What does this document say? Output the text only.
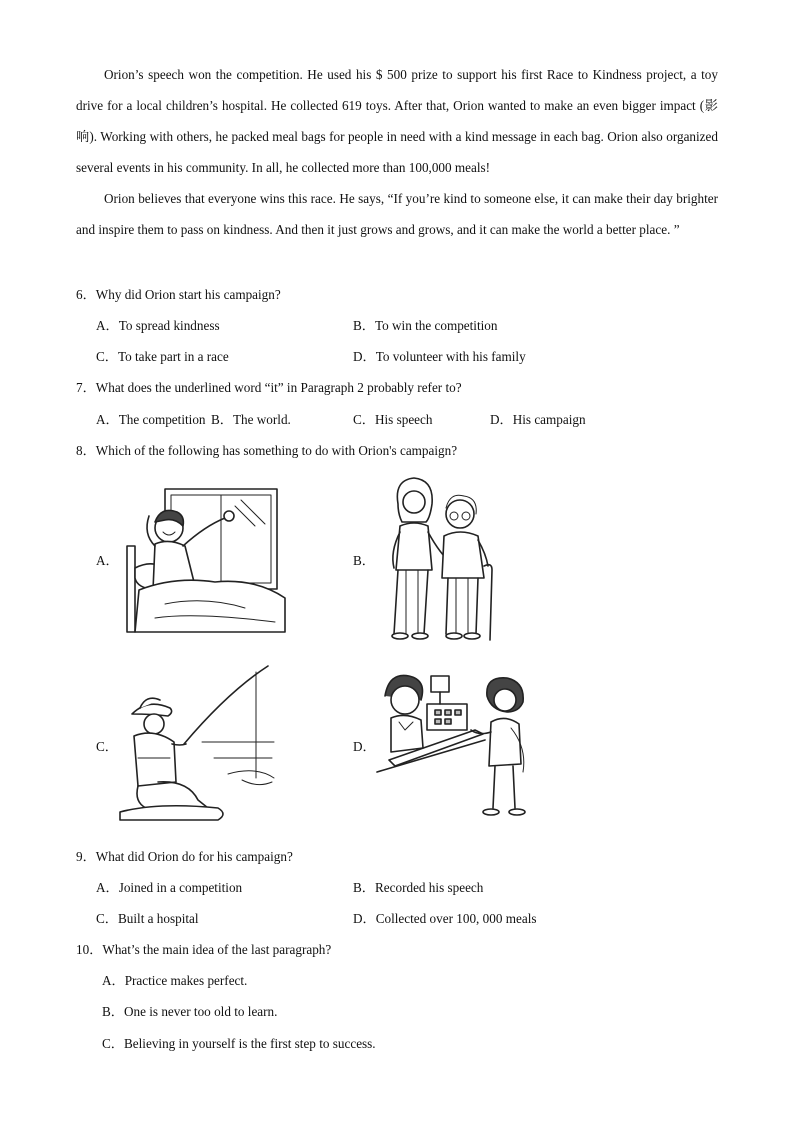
Orion’s speech won the competition. He used his $ 500 prize to support his first Race to Kindness project, a toy drive for a local children’s hospital. He collected 619 toys. After that, Orion wanted to make an even bigger impact (影响). Working with others, he packed meal bags for people in need with a kind message in each bag. Orion also organized several events in his community. In all, he collected more than 100,000 meals!

Orion believes that everyone wins this race. He says, “If you’re kind to someone else, it can make their day brighter and inspire them to pass on kindness. And then it just grows and grows, and it can make the world a better place. ”

6．Why did Orion start his campaign?
A．To spread kindness	B．To win the competition
C．To take part in a race	D．To volunteer with his family
7．What does the underlined word “it” in Paragraph 2 probably refer to?
A．The competition B．The world.	C．His speech	D．His campaign
8．Which of the following has something to do with Orion's campaign?
A．	B．
C．	D．
9．What did Orion do for his campaign?
A．Joined in a competition	B．Recorded his speech
C．Built a hospital	D．Collected over 100, 000 meals
10．What’s the main idea of the last paragraph?
A．Practice makes perfect.
B．One is never too old to learn.
C．Believing in yourself is the first step to success.
